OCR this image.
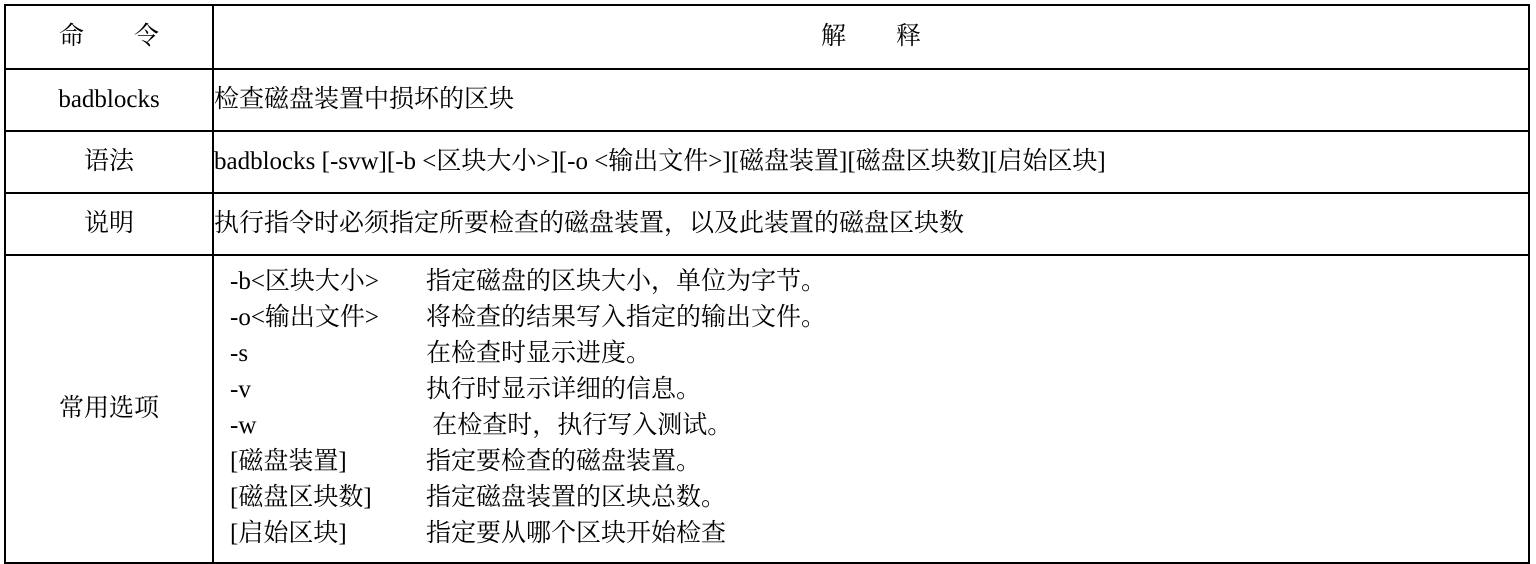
命　　令	解　　释
badblocks	检查磁盘装置中损坏的区块
语法	badblocks [-svw][-b <区块大小>][-o <输出文件>][磁盘装置][磁盘区块数][启始区块]
说明	执行指令时必须指定所要检查的磁盘装置，以及此装置的磁盘区块数
常用选项	
-b<区块大小> 指定磁盘的区块大小，单位为字节。
-o<输出文件> 将检查的结果写入指定的输出文件。
-s	在检查时显示进度。
-v	执行时显示详细的信息。
-w	在检查时，执行写入测试。
[磁盘装置]	指定要检查的磁盘装置。
[磁盘区块数] 指定磁盘装置的区块总数。
[启始区块]	指定要从哪个区块开始检查
